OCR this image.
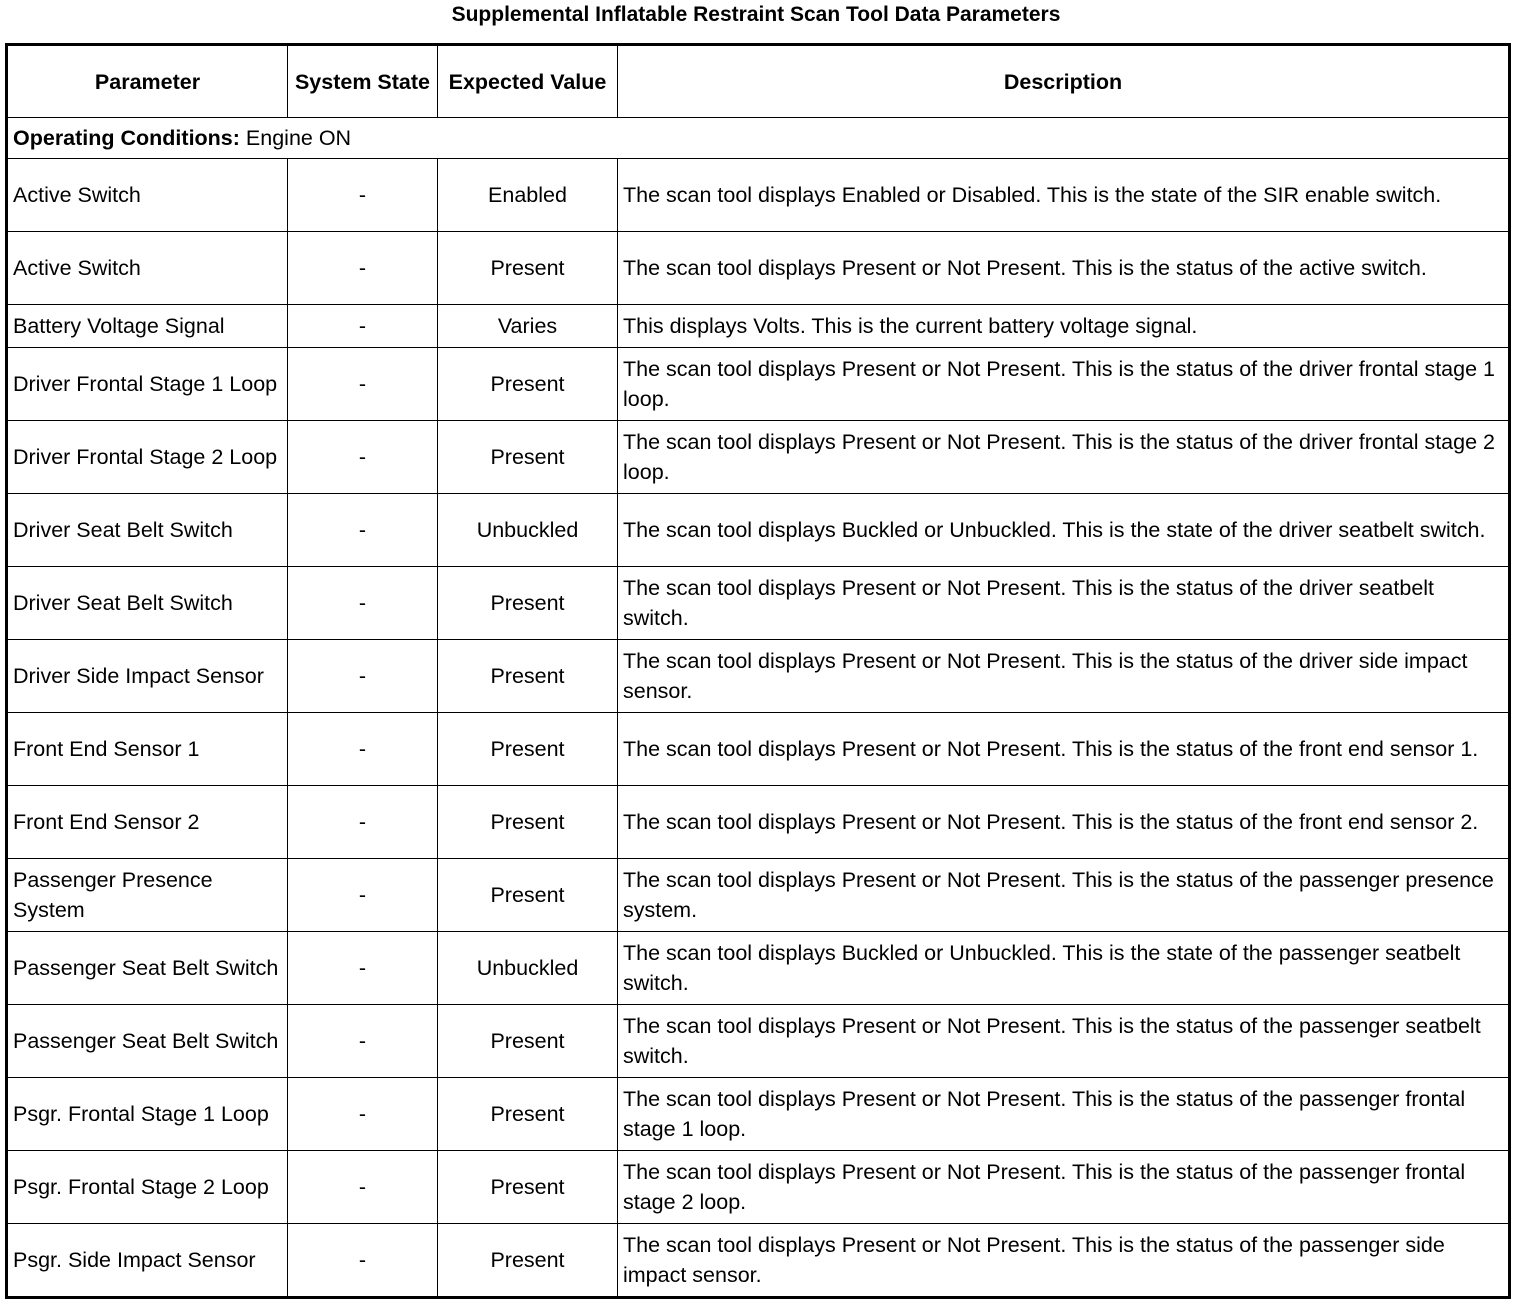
Supplemental Inflatable Restraint Scan Tool Data Parameters
Parameter	System State	Expected Value	Description
Operating Conditions: Engine ON			
Active Switch	-	Enabled	The scan tool displays Enabled or Disabled. This is the state of the SIR enable switch.
Active Switch	-	Present	The scan tool displays Present or Not Present. This is the status of the active switch.
Battery Voltage Signal	-	Varies	This displays Volts. This is the current battery voltage signal.
Driver Frontal Stage 1 Loop	-	Present	The scan tool displays Present or Not Present. This is the status of the driver frontal stage 1 loop.
Driver Frontal Stage 2 Loop	-	Present	The scan tool displays Present or Not Present. This is the status of the driver frontal stage 2 loop.
Driver Seat Belt Switch	-	Unbuckled	The scan tool displays Buckled or Unbuckled. This is the state of the driver seatbelt switch.
Driver Seat Belt Switch	-	Present	The scan tool displays Present or Not Present. This is the status of the driver seatbelt switch.
Driver Side Impact Sensor	-	Present	The scan tool displays Present or Not Present. This is the status of the driver side impact sensor.
Front End Sensor 1	-	Present	The scan tool displays Present or Not Present. This is the status of the front end sensor 1.
Front End Sensor 2	-	Present	The scan tool displays Present or Not Present. This is the status of the front end sensor 2.
Passenger Presence System	-	Present	The scan tool displays Present or Not Present. This is the status of the passenger presence system.
Passenger Seat Belt Switch	-	Unbuckled	The scan tool displays Buckled or Unbuckled. This is the state of the passenger seatbelt switch.
Passenger Seat Belt Switch	-	Present	The scan tool displays Present or Not Present. This is the status of the passenger seatbelt switch.
Psgr. Frontal Stage 1 Loop	-	Present	The scan tool displays Present or Not Present. This is the status of the passenger frontal stage 1 loop.
Psgr. Frontal Stage 2 Loop	-	Present	The scan tool displays Present or Not Present. This is the status of the passenger frontal stage 2 loop.
Psgr. Side Impact Sensor	-	Present	The scan tool displays Present or Not Present. This is the status of the passenger side impact sensor.
